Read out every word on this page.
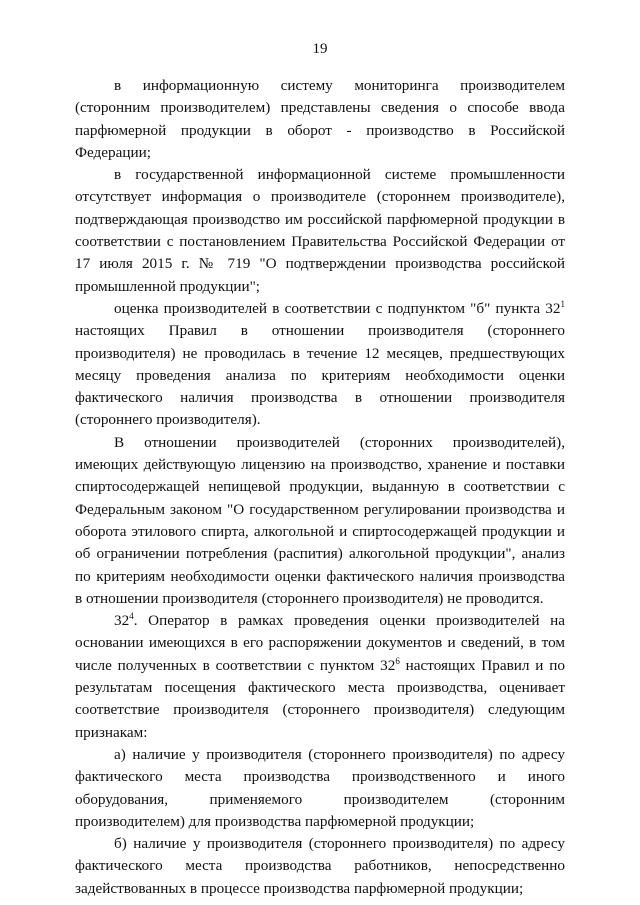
19

в информационную систему мониторинга производителем (сторонним производителем) представлены сведения о способе ввода парфюмерной продукции в оборот - производство в Российской Федерации;

в государственной информационной системе промышленности отсутствует информация о производителе (стороннем производителе), подтверждающая производство им российской парфюмерной продукции в соответствии с постановлением Правительства Российской Федерации от 17 июля 2015 г. № 719 "О подтверждении производства российской промышленной продукции";

оценка производителей в соответствии с подпунктом "б" пункта $32^1$ настоящих Правил в отношении производителя (стороннего производителя) не проводилась в течение 12 месяцев, предшествующих месяцу проведения анализа по критериям необходимости оценки фактического наличия производства в отношении производителя (стороннего производителя).

В отношении производителей (сторонних производителей), имеющих действующую лицензию на производство, хранение и поставки спиртосодержащей непищевой продукции, выданную в соответствии с Федеральным законом "О государственном регулировании производства и оборота этилового спирта, алкогольной и спиртосодержащей продукции и об ограничении потребления (распития) алкогольной продукции", анализ по критериям необходимости оценки фактического наличия производства в отношении производителя (стороннего производителя) не проводится.

$32^4$. Оператор в рамках проведения оценки производителей на основании имеющихся в его распоряжении документов и сведений, в том числе полученных в соответствии с пунктом $32^6$ настоящих Правил и по результатам посещения фактического места производства, оценивает соответствие производителя (стороннего производителя) следующим признакам:

а) наличие у производителя (стороннего производителя) по адресу фактического места производства производственного и иного оборудования, применяемого производителем (сторонним производителем) для производства парфюмерной продукции;

б) наличие у производителя (стороннего производителя) по адресу фактического места производства работников, непосредственно задействованных в процессе производства парфюмерной продукции;
